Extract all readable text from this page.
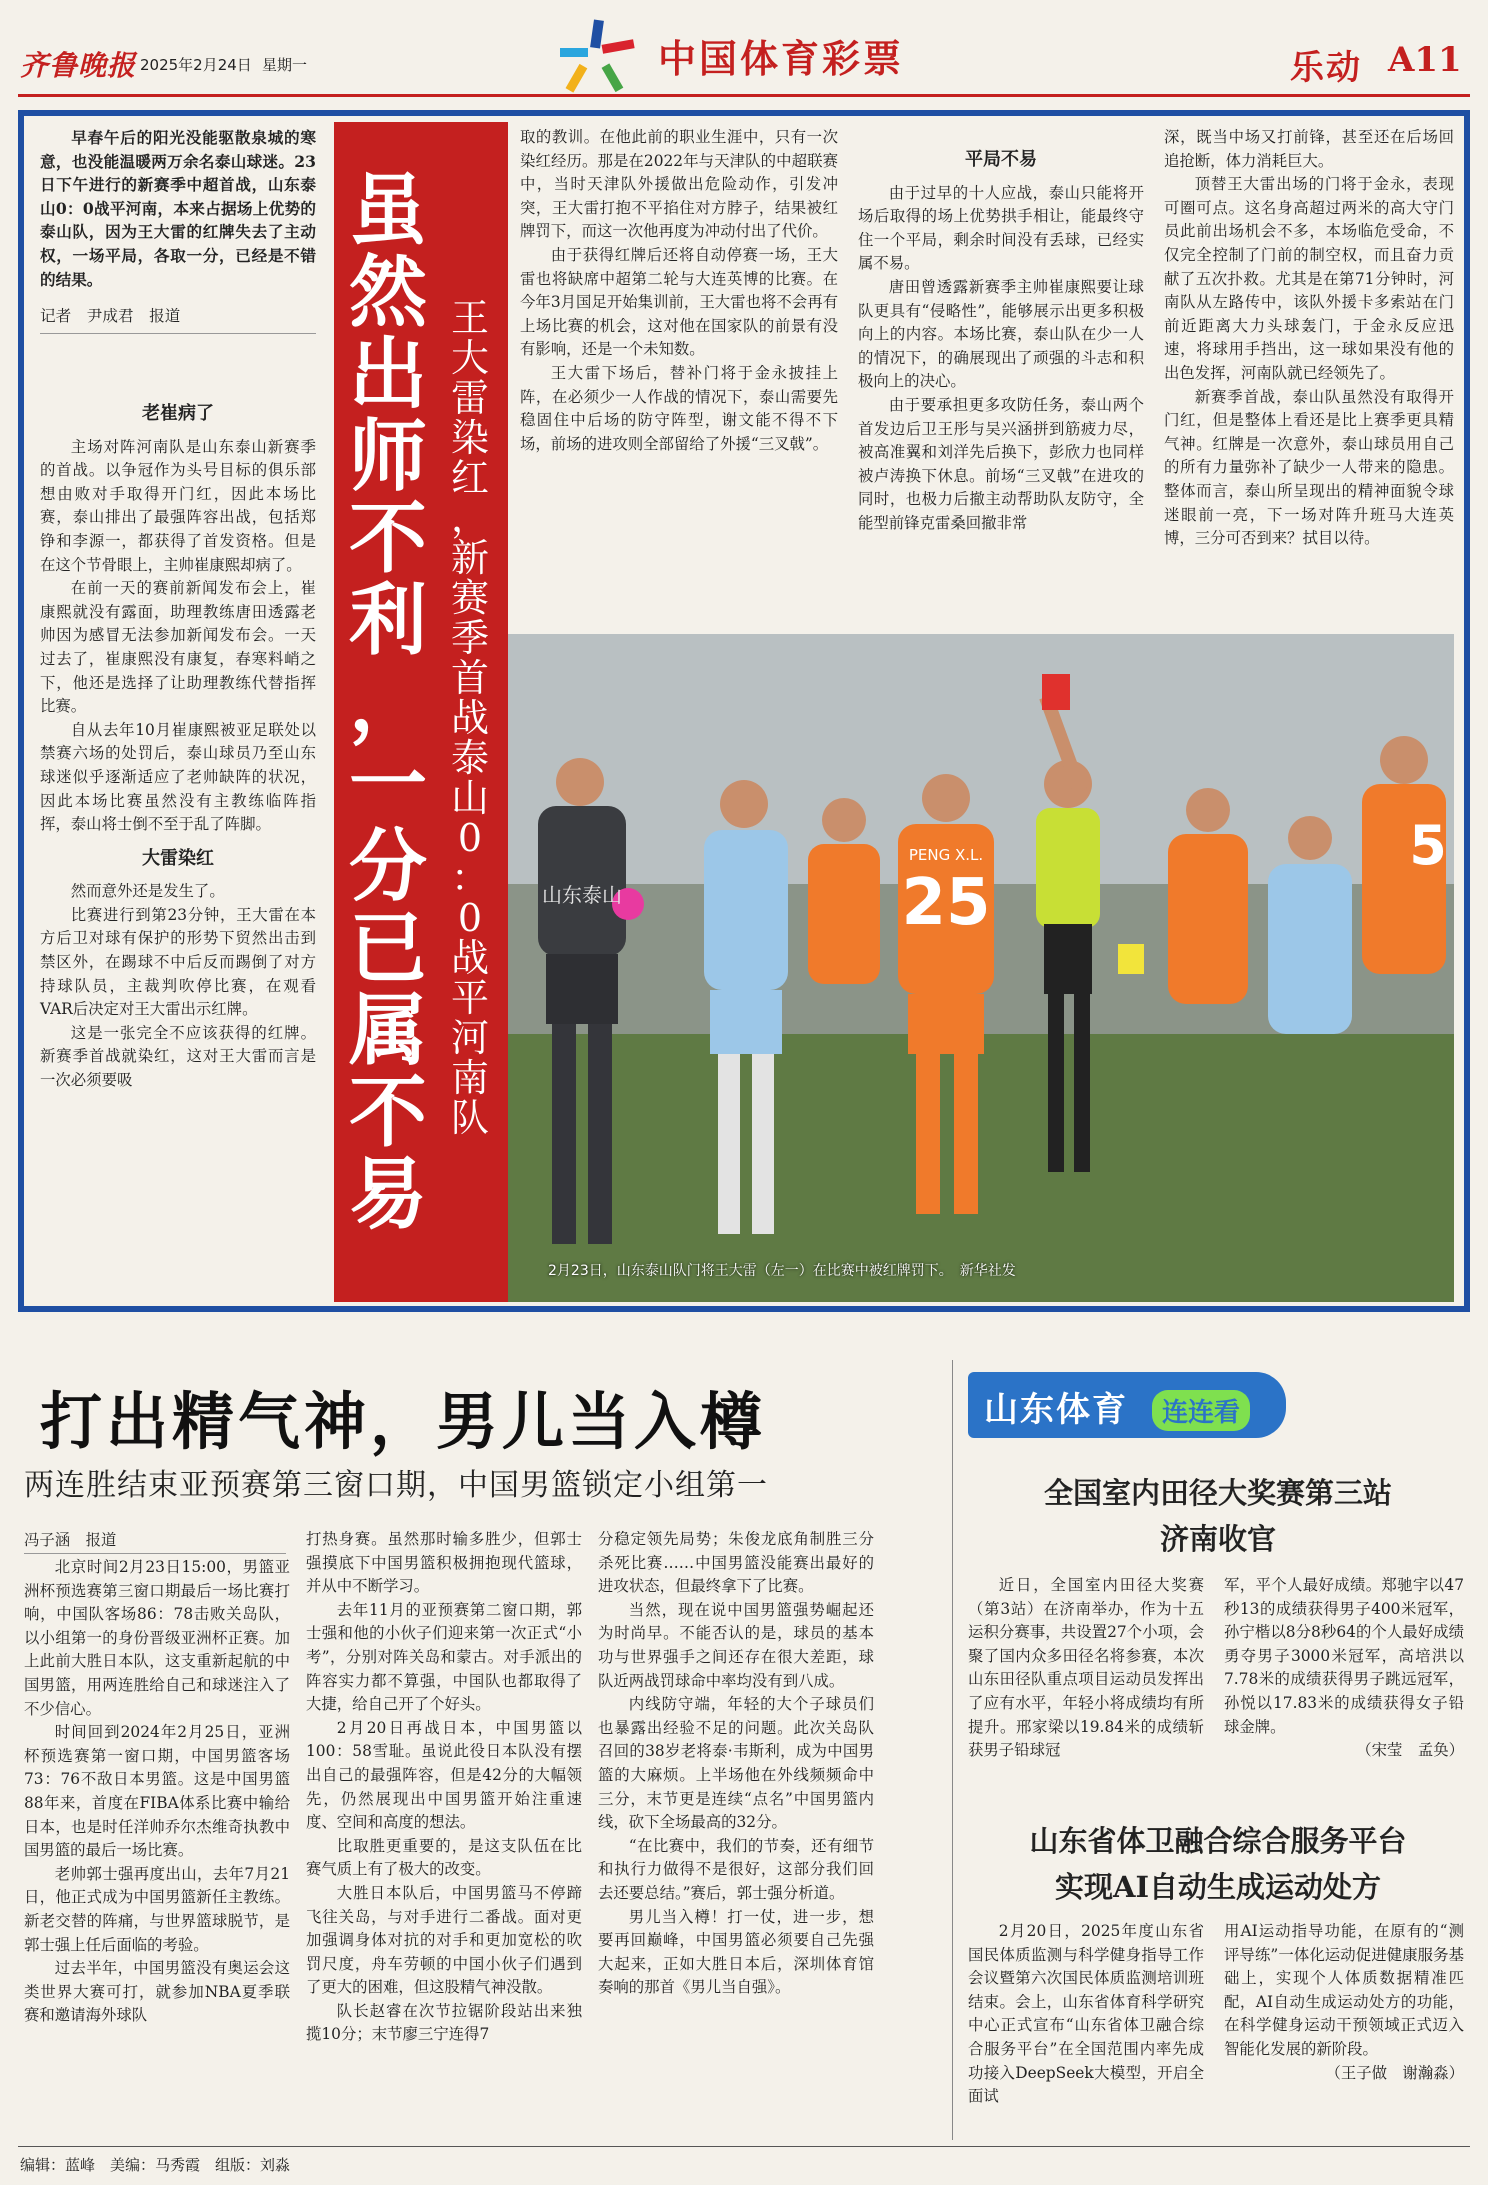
齐鲁晚报 2025年2月24日 星期一	中国体育彩票	乐动 A11

早春午后的阳光没能驱散泉城的寒意，也没能温暖两万余名泰山球迷。23日下午进行的新赛季中超首战，山东泰山0：0战平河南，本来占据场上优势的泰山队，因为王大雷的红牌失去了主动权，一场平局，各取一分，已经是不错的结果。

记者　尹成君　报道

老崔病了

主场对阵河南队是山东泰山新赛季的首战。以争冠作为头号目标的俱乐部想由败对手取得开门红，因此本场比赛，泰山排出了最强阵容出战，包括郑铮和李源一，都获得了首发资格。但是在这个节骨眼上，主帅崔康熙却病了。

在前一天的赛前新闻发布会上，崔康熙就没有露面，助理教练唐田透露老帅因为感冒无法参加新闻发布会。一天过去了，崔康熙没有康复，春寒料峭之下，他还是选择了让助理教练代替指挥比赛。

自从去年10月崔康熙被亚足联处以禁赛六场的处罚后，泰山球员乃至山东球迷似乎逐渐适应了老帅缺阵的状况，因此本场比赛虽然没有主教练临阵指挥，泰山将士倒不至于乱了阵脚。

大雷染红

然而意外还是发生了。

比赛进行到第23分钟，王大雷在本方后卫对球有保护的形势下贸然出击到禁区外，在踢球不中后反而踢倒了对方持球队员，主裁判吹停比赛，在观看VAR后决定对王大雷出示红牌。

这是一张完全不应该获得的红牌。新赛季首战就染红，这对王大雷而言是一次必须要吸

虽
然
出
师
不
利
，
一
分
已
属
不
易
王
大
雷
染
红
，
新
赛
季
首
战
泰
山
0
：
0
战
平
河
南
队

取的教训。在他此前的职业生涯中，只有一次染红经历。那是在2022年与天津队的中超联赛中，当时天津队外援做出危险动作，引发冲突，王大雷打抱不平掐住对方脖子，结果被红牌罚下，而这一次他再度为冲动付出了代价。

由于获得红牌后还将自动停赛一场，王大雷也将缺席中超第二轮与大连英博的比赛。在今年3月国足开始集训前，王大雷也将不会再有上场比赛的机会，这对他在国家队的前景有没有影响，还是一个未知数。

王大雷下场后，替补门将于金永披挂上阵，在必须少一人作战的情况下，泰山需要先稳固住中后场的防守阵型，谢文能不得不下场，前场的进攻则全部留给了外援“三叉戟”。

平局不易

由于过早的十人应战，泰山只能将开场后取得的场上优势拱手相让，能最终守住一个平局，剩余时间没有丢球，已经实属不易。

唐田曾透露新赛季主帅崔康熙要让球队更具有“侵略性”，能够展示出更多积极向上的内容。本场比赛，泰山队在少一人的情况下，的确展现出了顽强的斗志和积极向上的决心。

由于要承担更多攻防任务，泰山两个首发边后卫王彤与吴兴涵拼到筋疲力尽，被高准翼和刘洋先后换下，彭欣力也同样被卢涛换下休息。前场“三叉戟”在进攻的同时，也极力后撤主动帮助队友防守，全能型前锋克雷桑回撤非常

深，既当中场又打前锋，甚至还在后场回追抢断，体力消耗巨大。

顶替王大雷出场的门将于金永，表现可圈可点。这名身高超过两米的高大守门员此前出场机会不多，本场临危受命，不仅完全控制了门前的制空权，而且奋力贡献了五次扑救。尤其是在第71分钟时，河南队从左路传中，该队外援卡多索站在门前近距离大力头球轰门，于金永反应迅速，将球用手挡出，这一球如果没有他的出色发挥，河南队就已经领先了。

新赛季首战，泰山队虽然没有取得开门红，但是整体上看还是比上赛季更具精气神。红牌是一次意外，泰山球员用自己的所有力量弥补了缺少一人带来的隐患。整体而言，泰山所呈现出的精神面貌令球迷眼前一亮，下一场对阵升班马大连英博，三分可否到来？拭目以待。

山东泰山	25
PENG X.L.	5
2月23日，山东泰山队门将王大雷（左一）在比赛中被红牌罚下。　新华社发
打出精气神，男儿当入樽
两连胜结束亚预赛第三窗口期，中国男篮锁定小组第一
冯子涵　报道

北京时间2月23日15:00，男篮亚洲杯预选赛第三窗口期最后一场比赛打响，中国队客场86：78击败关岛队，以小组第一的身份晋级亚洲杯正赛。加上此前大胜日本队，这支重新起航的中国男篮，用两连胜给自己和球迷注入了不少信心。

时间回到2024年2月25日，亚洲杯预选赛第一窗口期，中国男篮客场73：76不敌日本男篮。这是中国男篮88年来，首度在FIBA体系比赛中输给日本，也是时任洋帅乔尔杰维奇执教中国男篮的最后一场比赛。

老帅郭士强再度出山，去年7月21日，他正式成为中国男篮新任主教练。新老交替的阵痛，与世界篮球脱节，是郭士强上任后面临的考验。

过去半年，中国男篮没有奥运会这类世界大赛可打，就参加NBA夏季联赛和邀请海外球队

打热身赛。虽然那时输多胜少，但郭士强摸底下中国男篮积极拥抱现代篮球，并从中不断学习。

去年11月的亚预赛第二窗口期，郭士强和他的小伙子们迎来第一次正式“小考”，分别对阵关岛和蒙古。对手派出的阵容实力都不算强，中国队也都取得了大捷，给自己开了个好头。

2月20日再战日本，中国男篮以100：58雪耻。虽说此役日本队没有摆出自己的最强阵容，但是42分的大幅领先，仍然展现出中国男篮开始注重速度、空间和高度的想法。

比取胜更重要的，是这支队伍在比赛气质上有了极大的改变。

大胜日本队后，中国男篮马不停蹄飞往关岛，与对手进行二番战。面对更加强调身体对抗的对手和更加宽松的吹罚尺度，舟车劳顿的中国小伙子们遇到了更大的困难，但这股精气神没散。

队长赵睿在次节拉锯阶段站出来独揽10分；末节廖三宁连得7

分稳定领先局势；朱俊龙底角制胜三分杀死比赛……中国男篮没能赛出最好的进攻状态，但最终拿下了比赛。

当然，现在说中国男篮强势崛起还为时尚早。不能否认的是，球员的基本功与世界强手之间还存在很大差距，球队近两战罚球命中率均没有到八成。

内线防守端，年轻的大个子球员们也暴露出经验不足的问题。此次关岛队召回的38岁老将泰·韦斯利，成为中国男篮的大麻烦。上半场他在外线频频命中三分，末节更是连续“点名”中国男篮内线，砍下全场最高的32分。

“在比赛中，我们的节奏，还有细节和执行力做得不是很好，这部分我们回去还要总结。”赛后，郭士强分析道。

男儿当入樽！打一仗，进一步，想要再回巅峰，中国男篮必须要自己先强大起来，正如大胜日本后，深圳体育馆奏响的那首《男儿当自强》。

山东体育	连连看
全国室内田径大奖赛第三站
济南收官

近日，全国室内田径大奖赛（第3站）在济南举办，作为十五运积分赛事，共设置27个小项，会聚了国内众多田径名将参赛，本次山东田径队重点项目运动员发挥出了应有水平，年轻小将成绩均有所提升。邢家梁以19.84米的成绩斩获男子铅球冠

军，平个人最好成绩。郑驰宇以47秒13的成绩获得男子400米冠军，孙宁楷以8分8秒64的个人最好成绩勇夺男子3000米冠军，高培洪以7.78米的成绩获得男子跳远冠军，孙悦以17.83米的成绩获得女子铅球金牌。

（宋莹　孟奂）

山东省体卫融合综合服务平台
实现AI自动生成运动处方

2月20日，2025年度山东省国民体质监测与科学健身指导工作会议暨第六次国民体质监测培训班结束。会上，山东省体育科学研究中心正式宣布“山东省体卫融合综合服务平台”在全国范围内率先成功接入DeepSeek大模型，开启全面试

用AI运动指导功能，在原有的“测评导练”一体化运动促进健康服务基础上，实现个人体质数据精准匹配，AI自动生成运动处方的功能，在科学健身运动干预领域正式迈入智能化发展的新阶段。

（王子做　谢瀚淼）

编辑：蓝峰　美编：马秀霞　组版：刘淼
